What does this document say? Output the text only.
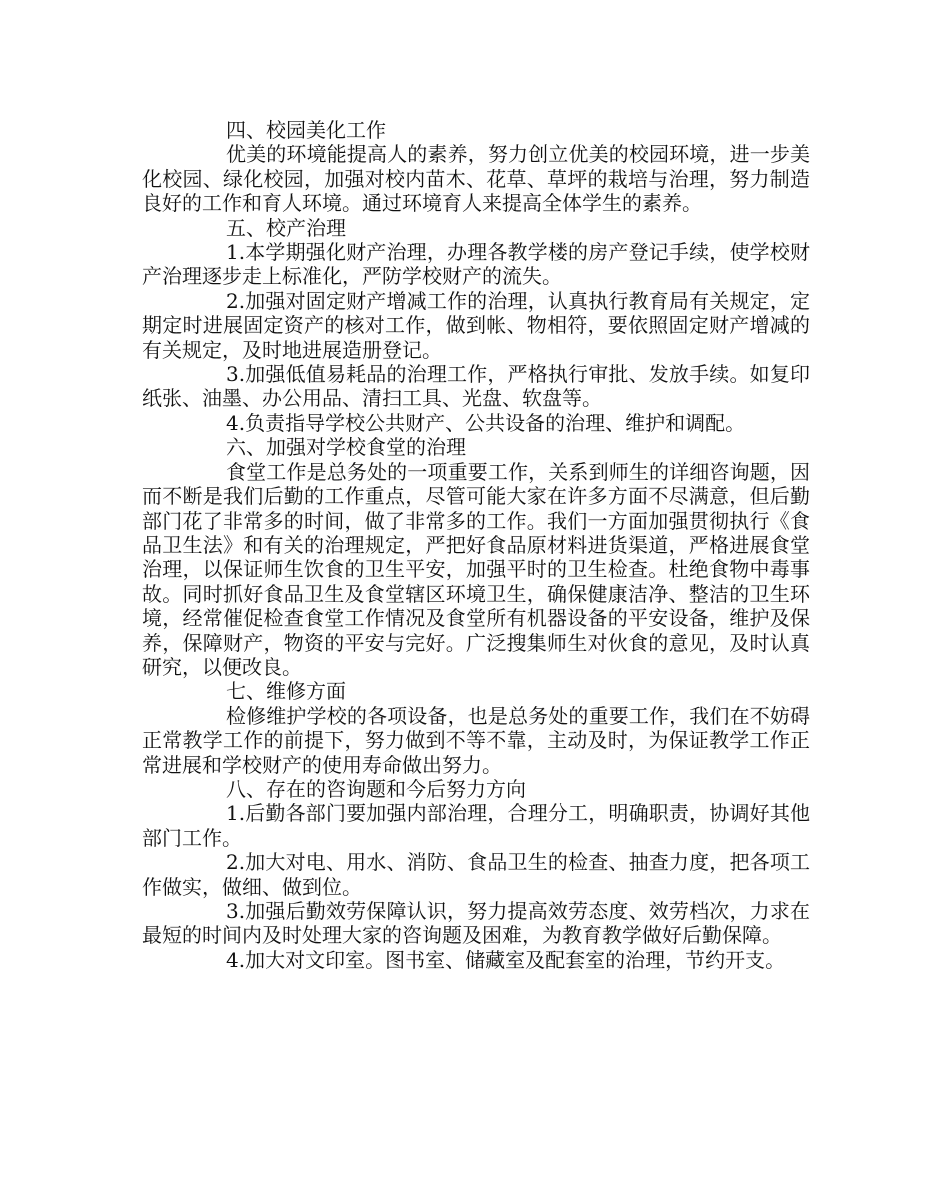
四、校园美化工作

优美的环境能提高人的素养，努力创立优美的校园环境，进一步美化校园、绿化校园，加强对校内苗木、花草、草坪的栽培与治理，努力制造良好的工作和育人环境。通过环境育人来提高全体学生的素养。

五、校产治理

1.本学期强化财产治理，办理各教学楼的房产登记手续，使学校财产治理逐步走上标准化，严防学校财产的流失。

2.加强对固定财产增减工作的治理，认真执行教育局有关规定，定期定时进展固定资产的核对工作，做到帐、物相符，要依照固定财产增减的有关规定，及时地进展造册登记。

3.加强低值易耗品的治理工作，严格执行审批、发放手续。如复印纸张、油墨、办公用品、清扫工具、光盘、软盘等。

4.负责指导学校公共财产、公共设备的治理、维护和调配。

六、加强对学校食堂的治理

食堂工作是总务处的一项重要工作，关系到师生的详细咨询题，因而不断是我们后勤的工作重点，尽管可能大家在许多方面不尽满意，但后勤部门花了非常多的时间，做了非常多的工作。我们一方面加强贯彻执行《食品卫生法》和有关的治理规定，严把好食品原材料进货渠道，严格进展食堂治理，以保证师生饮食的卫生平安，加强平时的卫生检查。杜绝食物中毒事故。同时抓好食品卫生及食堂辖区环境卫生，确保健康洁净、整洁的卫生环境，经常催促检查食堂工作情况及食堂所有机器设备的平安设备，维护及保养，保障财产，物资的平安与完好。广泛搜集师生对伙食的意见，及时认真研究，以便改良。

七、维修方面

检修维护学校的各项设备，也是总务处的重要工作，我们在不妨碍正常教学工作的前提下，努力做到不等不靠，主动及时，为保证教学工作正常进展和学校财产的使用寿命做出努力。

八、存在的咨询题和今后努力方向

1.后勤各部门要加强内部治理，合理分工，明确职责，协调好其他部门工作。

2.加大对电、用水、消防、食品卫生的检查、抽查力度，把各项工作做实，做细、做到位。

3.加强后勤效劳保障认识，努力提高效劳态度、效劳档次，力求在最短的时间内及时处理大家的咨询题及困难，为教育教学做好后勤保障。

4.加大对文印室。图书室、储藏室及配套室的治理，节约开支。
